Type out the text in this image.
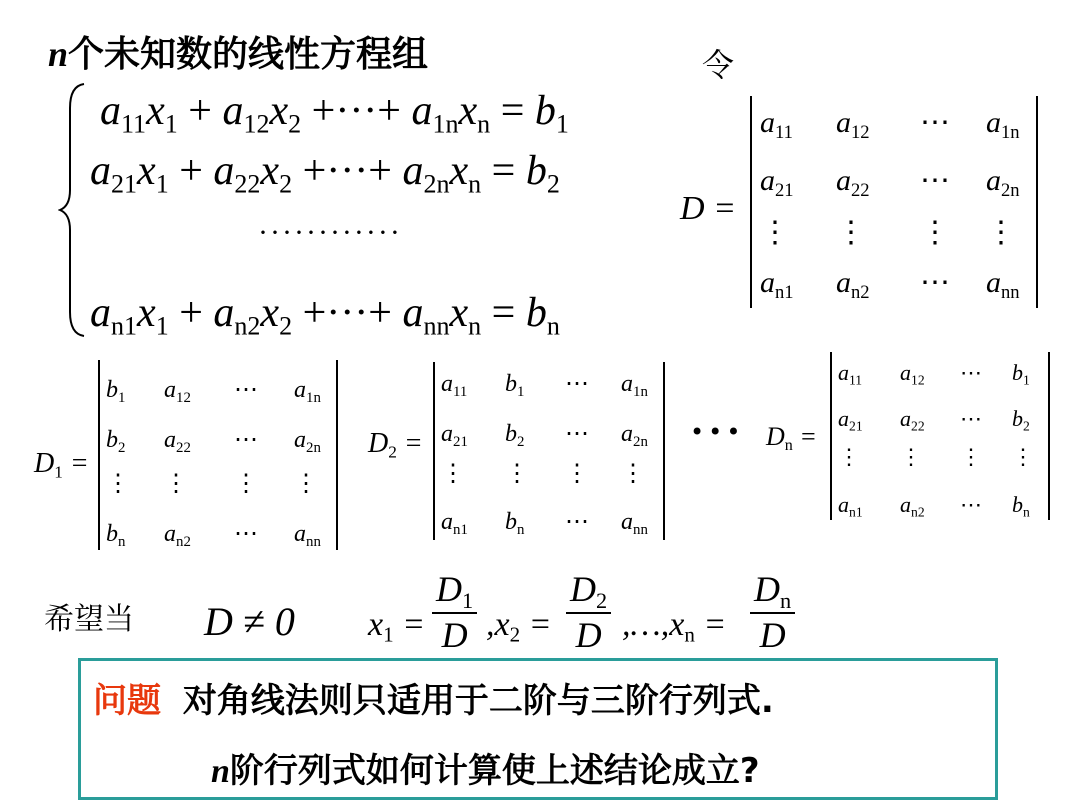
n个未知数的线性方程组	令
$a_{11}x_1 + a_{12}x_2$ +···+ $a_{1n}x_n = b_1$
$a_{21}x_1 + a_{22}x_2$ +···+ $a_{2n}x_n = b_2$
$a_{n1}x_1 + a_{n2}x_2$ +···+ $a_{nn}x_n = b_n$
············
D =
$a_{11}$ $a_{12}$ ⋯ $a_{1n}$
$a_{21}$ $a_{22}$ ⋯ $a_{2n}$
⋮ ⋮ ⋮ ⋮
$a_{n1}$ $a_{n2}$ ⋯ $a_{nn}$
$D_1$ =
$b_1$ $a_{12}$ ⋯ $a_{1n}$
$b_2$ $a_{22}$ ⋯ $a_{2n}$
⋮ ⋮ ⋮ ⋮
$b_n$ $a_{n2}$ ⋯ $a_{nn}$
$D_2$ =
$a_{11}$ $b_1$ ⋯ $a_{1n}$
$a_{21}$ $b_2$ ⋯ $a_{2n}$
⋮ ⋮ ⋮ ⋮
$a_{n1}$ $b_n$ ⋯ $a_{nn}$
$D_n$ =
$a_{11}$ $a_{12}$ ⋯ $b_1$
$a_{21}$ $a_{22}$ ⋯ $b_2$
⋮ ⋮ ⋮ ⋮
$a_{n1}$ $a_{n2}$ ⋯ $b_n$
•••
希望当 D ≠ 0 $x_1 = \frac{D_1}{D} ,x_2 = \frac{D_2}{D}$ $,\dots,x_n = \frac{D_n}{D}$
问题 对角线法则只适用于二阶与三阶行列式.
n阶行列式如何计算使上述结论成立?
